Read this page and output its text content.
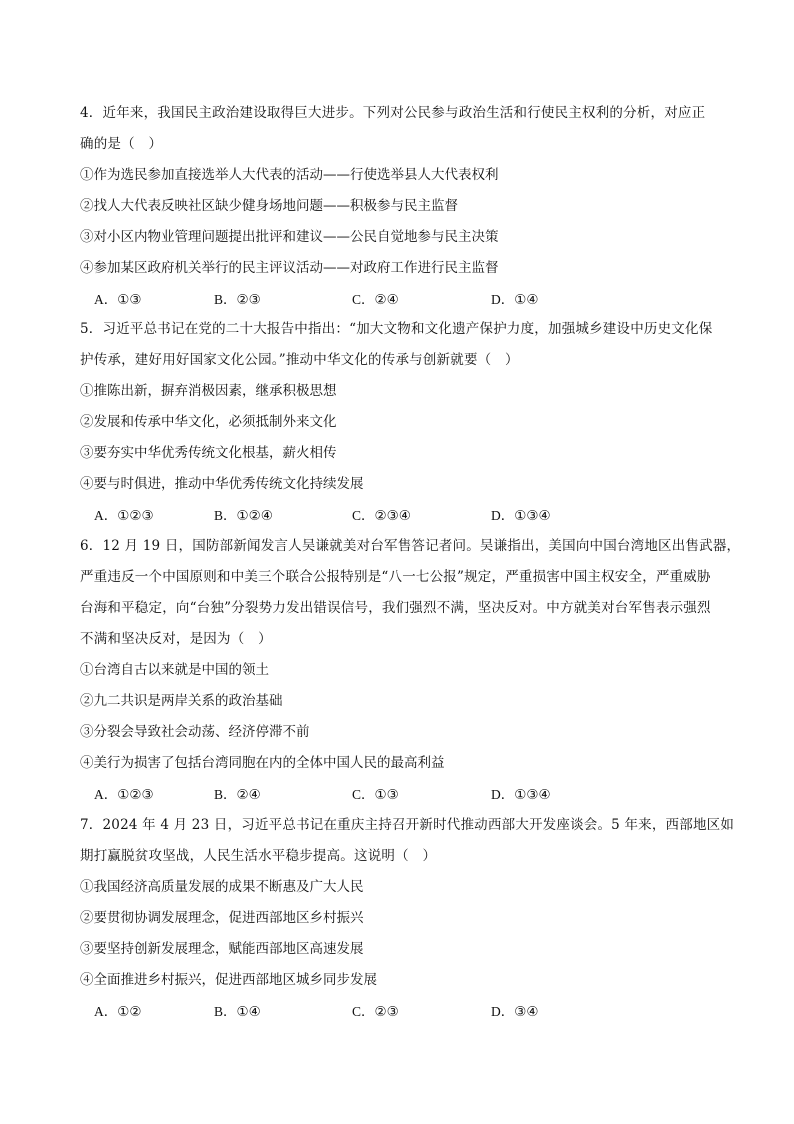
4．近年来，我国民主政治建设取得巨大进步。下列对公民参与政治生活和行使民主权利的分析，对应正
确的是（　）
①作为选民参加直接选举人大代表的活动——行使选举县人大代表权利
②找人大代表反映社区缺少健身场地问题——积极参与民主监督
③对小区内物业管理问题提出批评和建议——公民自觉地参与民主决策
④参加某区政府机关举行的民主评议活动——对政府工作进行民主监督
A．①③	B．②③	C．②④	D．①④
5．习近平总书记在党的二十大报告中指出：“加大文物和文化遗产保护力度，加强城乡建设中历史文化保
护传承，建好用好国家文化公园。”推动中华文化的传承与创新就要（　）
①推陈出新，摒弃消极因素，继承积极思想
②发展和传承中华文化，必须抵制外来文化
③要夯实中华优秀传统文化根基，薪火相传
④要与时俱进，推动中华优秀传统文化持续发展
A．①②③	B．①②④	C．②③④	D．①③④
6．12 月 19 日，国防部新闻发言人吴谦就美对台军售答记者问。吴谦指出，美国向中国台湾地区出售武器，
严重违反一个中国原则和中美三个联合公报特别是“八一七公报”规定，严重损害中国主权安全，严重威胁
台海和平稳定，向“台独”分裂势力发出错误信号，我们强烈不满，坚决反对。中方就美对台军售表示强烈
不满和坚决反对，是因为（　）
①台湾自古以来就是中国的领土
②九二共识是两岸关系的政治基础
③分裂会导致社会动荡、经济停滞不前
④美行为损害了包括台湾同胞在内的全体中国人民的最高利益
A．①②③	B．②④	C．①③	D．①③④
7．2024 年 4 月 23 日，习近平总书记在重庆主持召开新时代推动西部大开发座谈会。5 年来，西部地区如
期打赢脱贫攻坚战，人民生活水平稳步提高。这说明（　）
①我国经济高质量发展的成果不断惠及广大人民
②要贯彻协调发展理念，促进西部地区乡村振兴
③要坚持创新发展理念，赋能西部地区高速发展
④全面推进乡村振兴，促进西部地区城乡同步发展
A．①②	B．①④	C．②③	D．③④
